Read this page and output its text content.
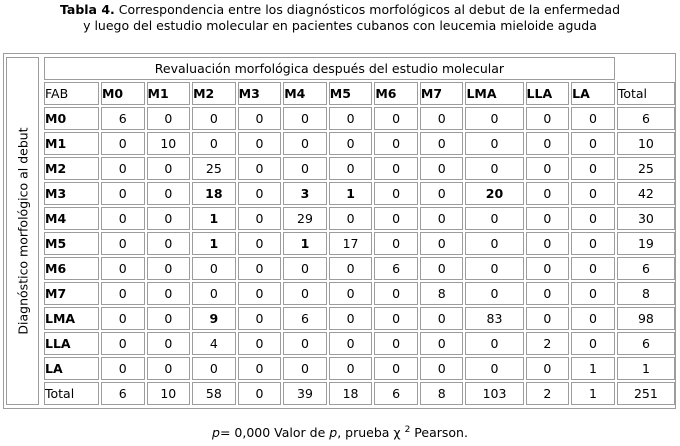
Tabla 4. Correspondencia entre los diagnósticos morfológicos al debut de la enfermedad
y luego del estudio molecular en pacientes cubanos con leucemia mieloide aguda
Diagnóstico morfológico al debut
Revaluación morfológica después del estudio molecular												
FAB	M0	M1	M2	M3	M4	M5	M6	M7	LMA	LLA	LA	Total
M0	6	0	0	0	0	0	0	0	0	0	0	6
M1	0	10	0	0	0	0	0	0	0	0	0	10
M2	0	0	25	0	0	0	0	0	0	0	0	25
M3	0	0	18	0	3	1	0	0	20	0	0	42
M4	0	0	1	0	29	0	0	0	0	0	0	30
M5	0	0	1	0	1	17	0	0	0	0	0	19
M6	0	0	0	0	0	0	6	0	0	0	0	6
M7	0	0	0	0	0	0	0	8	0	0	0	8
LMA	0	0	9	0	6	0	0	0	83	0	0	98
LLA	0	0	4	0	0	0	0	0	0	2	0	6
LA	0	0	0	0	0	0	0	0	0	0	1	1
Total	6	10	58	0	39	18	6	8	103	2	1	251
p= 0,000 Valor de p, prueba χ $^2$ Pearson.
